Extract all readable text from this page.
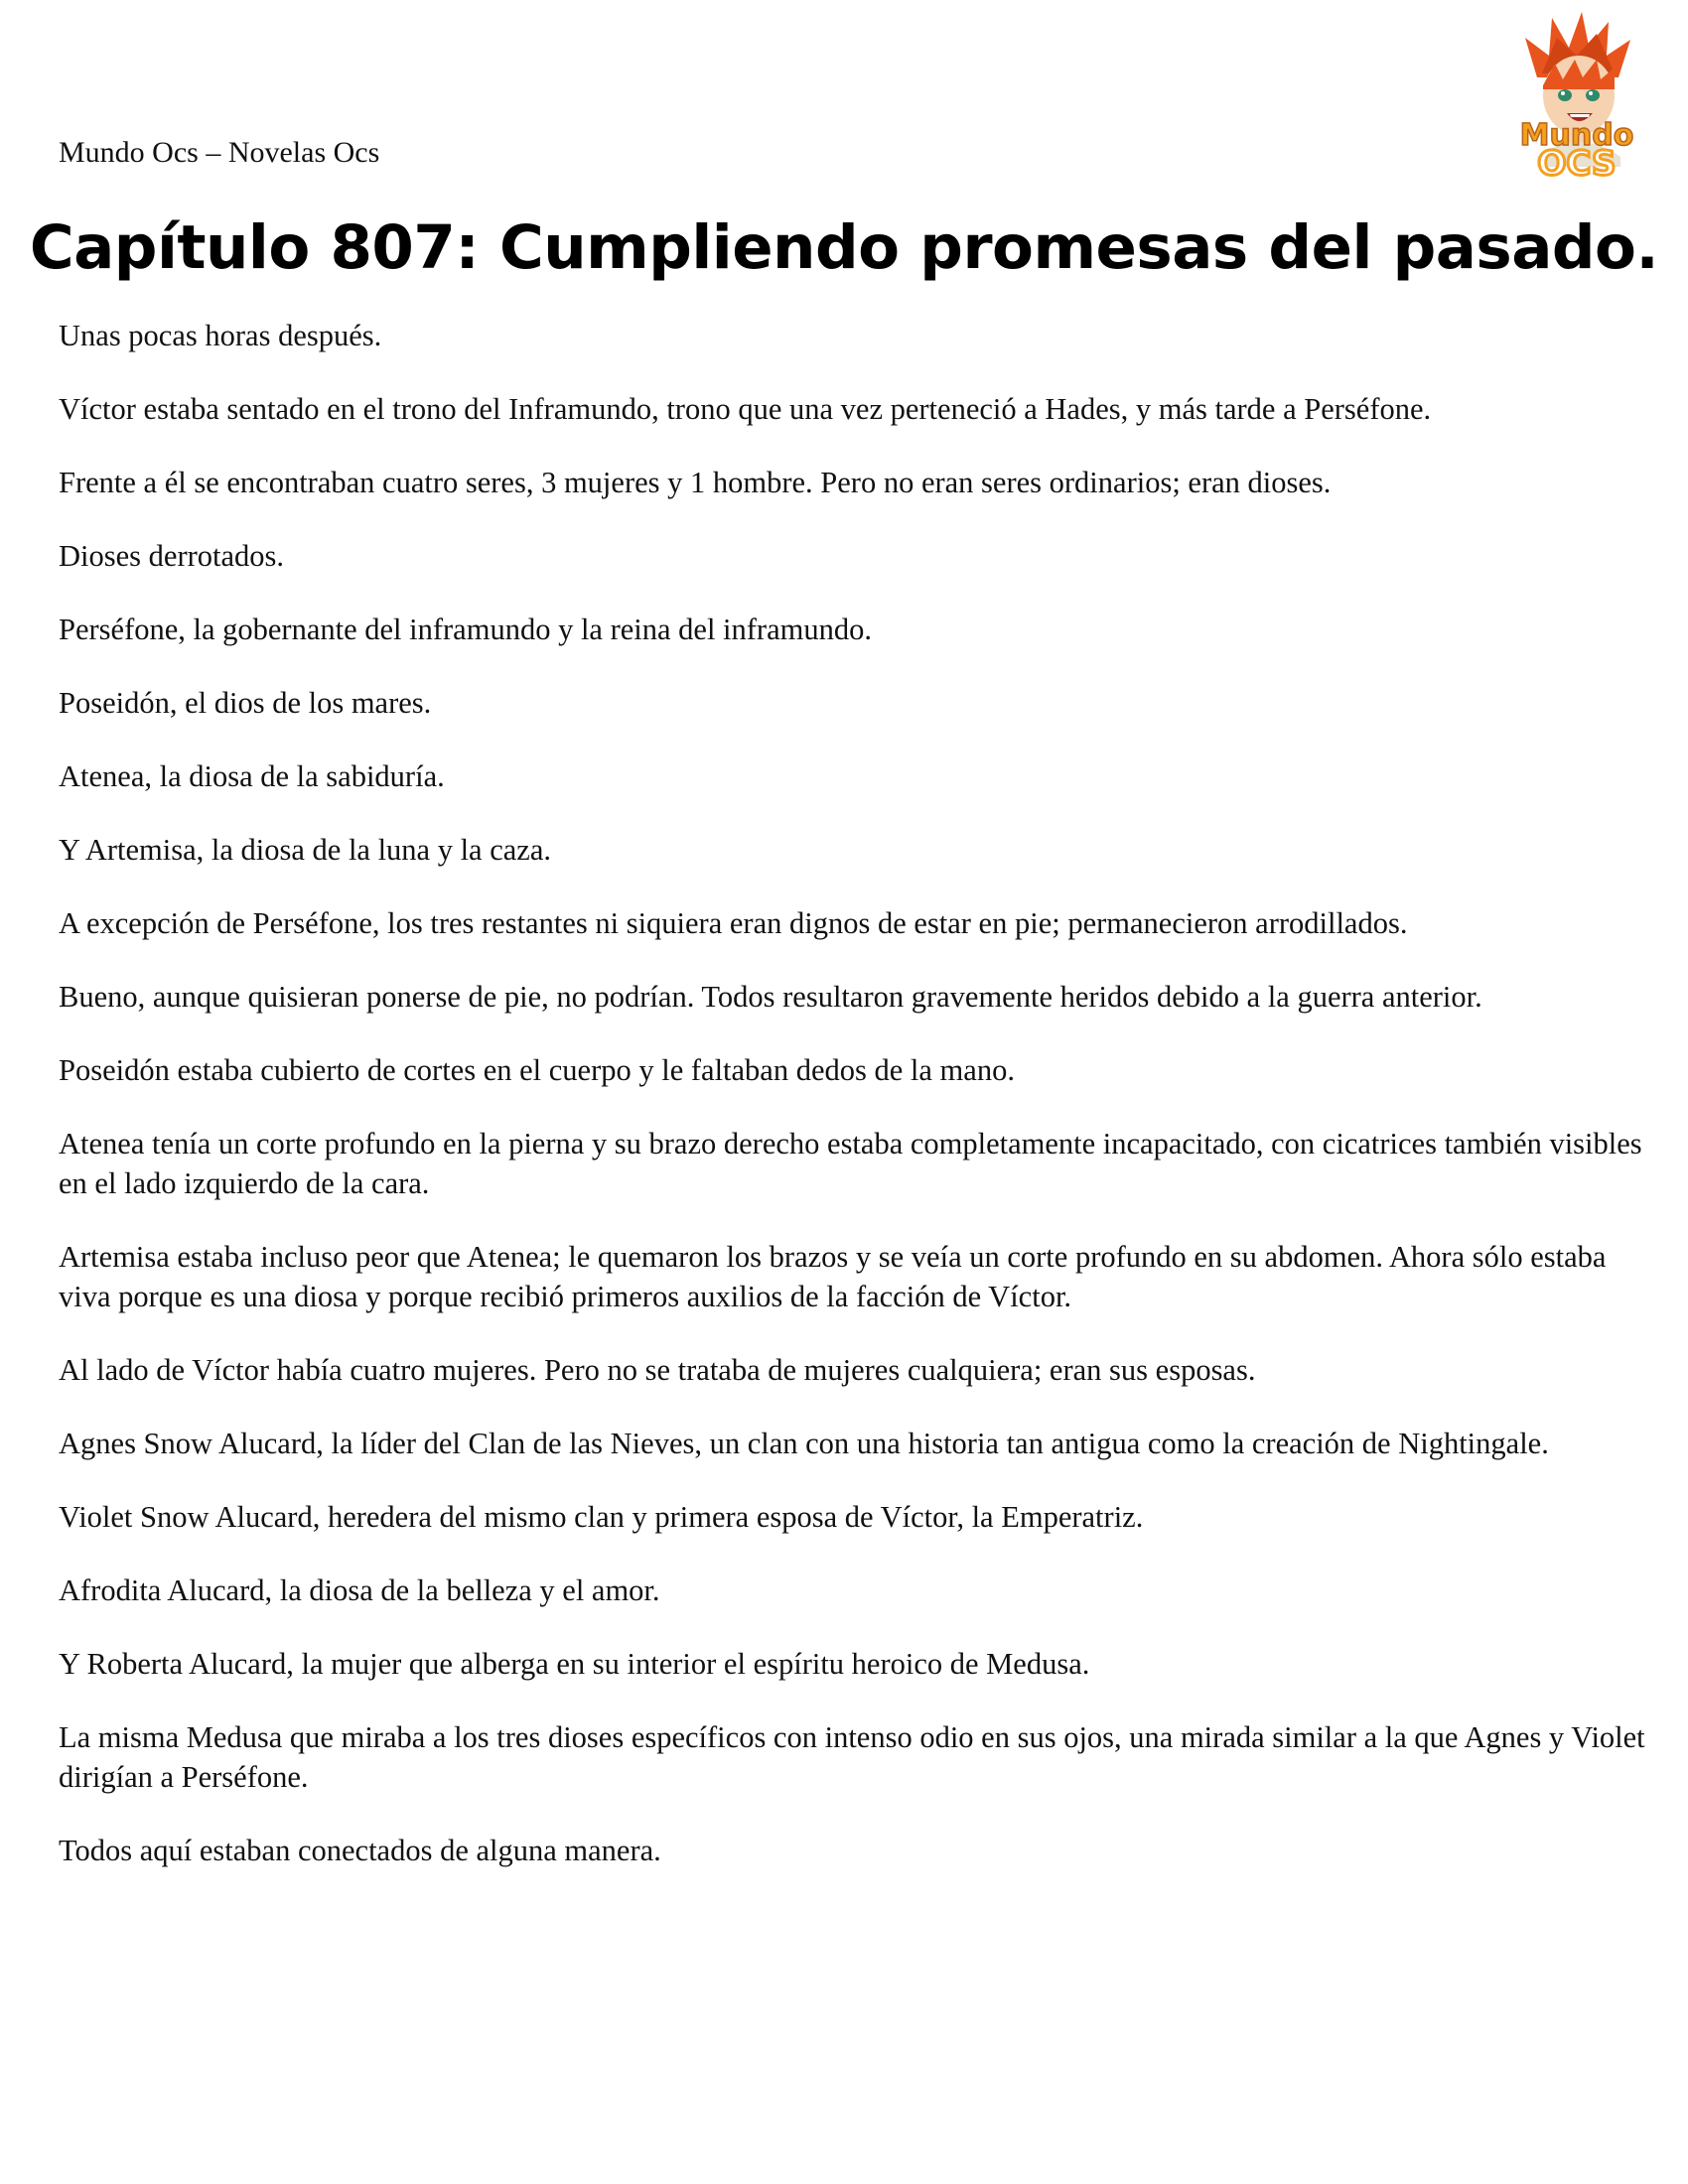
Mundo Ocs – Novelas Ocs	Mundo
OCS
Capítulo 807: Cumpliendo promesas del pasado.

Unas pocas horas después.

Víctor estaba sentado en el trono del Inframundo, trono que una vez perteneció a Hades, y más tarde a Perséfone.

Frente a él se encontraban cuatro seres, 3 mujeres y 1 hombre. Pero no eran seres ordinarios; eran dioses.

Dioses derrotados.

Perséfone, la gobernante del inframundo y la reina del inframundo.

Poseidón, el dios de los mares.

Atenea, la diosa de la sabiduría.

Y Artemisa, la diosa de la luna y la caza.

A excepción de Perséfone, los tres restantes ni siquiera eran dignos de estar en pie; permanecieron arrodillados.

Bueno, aunque quisieran ponerse de pie, no podrían. Todos resultaron gravemente heridos debido a la guerra anterior.

Poseidón estaba cubierto de cortes en el cuerpo y le faltaban dedos de la mano.

Atenea tenía un corte profundo en la pierna y su brazo derecho estaba completamente incapacitado, con cicatrices también visibles en el lado izquierdo de la cara.

Artemisa estaba incluso peor que Atenea; le quemaron los brazos y se veía un corte profundo en su abdomen. Ahora sólo estaba viva porque es una diosa y porque recibió primeros auxilios de la facción de Víctor.

Al lado de Víctor había cuatro mujeres. Pero no se trataba de mujeres cualquiera; eran sus esposas.

Agnes Snow Alucard, la líder del Clan de las Nieves, un clan con una historia tan antigua como la creación de Nightingale.

Violet Snow Alucard, heredera del mismo clan y primera esposa de Víctor, la Emperatriz.

Afrodita Alucard, la diosa de la belleza y el amor.

Y Roberta Alucard, la mujer que alberga en su interior el espíritu heroico de Medusa.

La misma Medusa que miraba a los tres dioses específicos con intenso odio en sus ojos, una mirada similar a la que Agnes y Violet dirigían a Perséfone.

Todos aquí estaban conectados de alguna manera.
